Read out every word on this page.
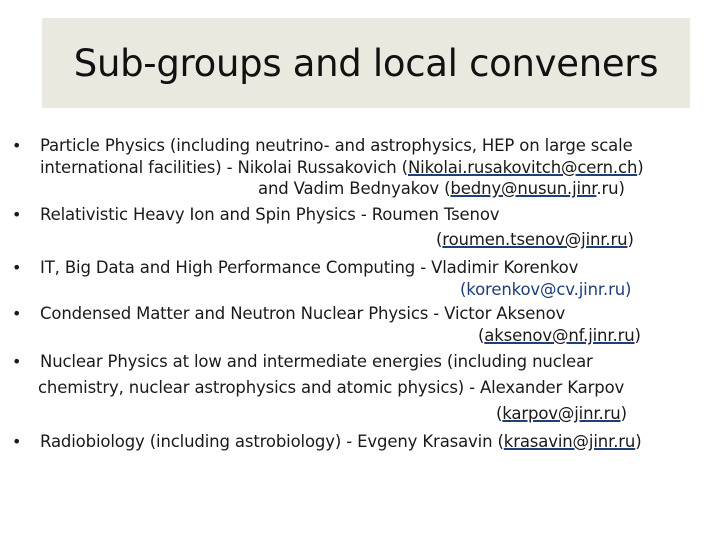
Sub-groups and local conveners
• Particle Physics (including neutrino- and astrophysics, HEP on large scale
international facilities) - Nikolai Russakovich (Nikolai.rusakovitch@cern.ch)
and Vadim Bednyakov (bedny@nusun.jinr.ru)
• Relativistic Heavy Ion and Spin Physics - Roumen Tsenov
(roumen.tsenov@jinr.ru)
• IT, Big Data and High Performance Computing - Vladimir Korenkov
(korenkov@cv.jinr.ru)
• Condensed Matter and Neutron Nuclear Physics - Victor Aksenov
(aksenov@nf.jinr.ru)
• Nuclear Physics at low and intermediate energies (including nuclear
chemistry, nuclear astrophysics and atomic physics) - Alexander Karpov
(karpov@jinr.ru)
• Radiobiology (including astrobiology) - Evgeny Krasavin (krasavin@jinr.ru)
